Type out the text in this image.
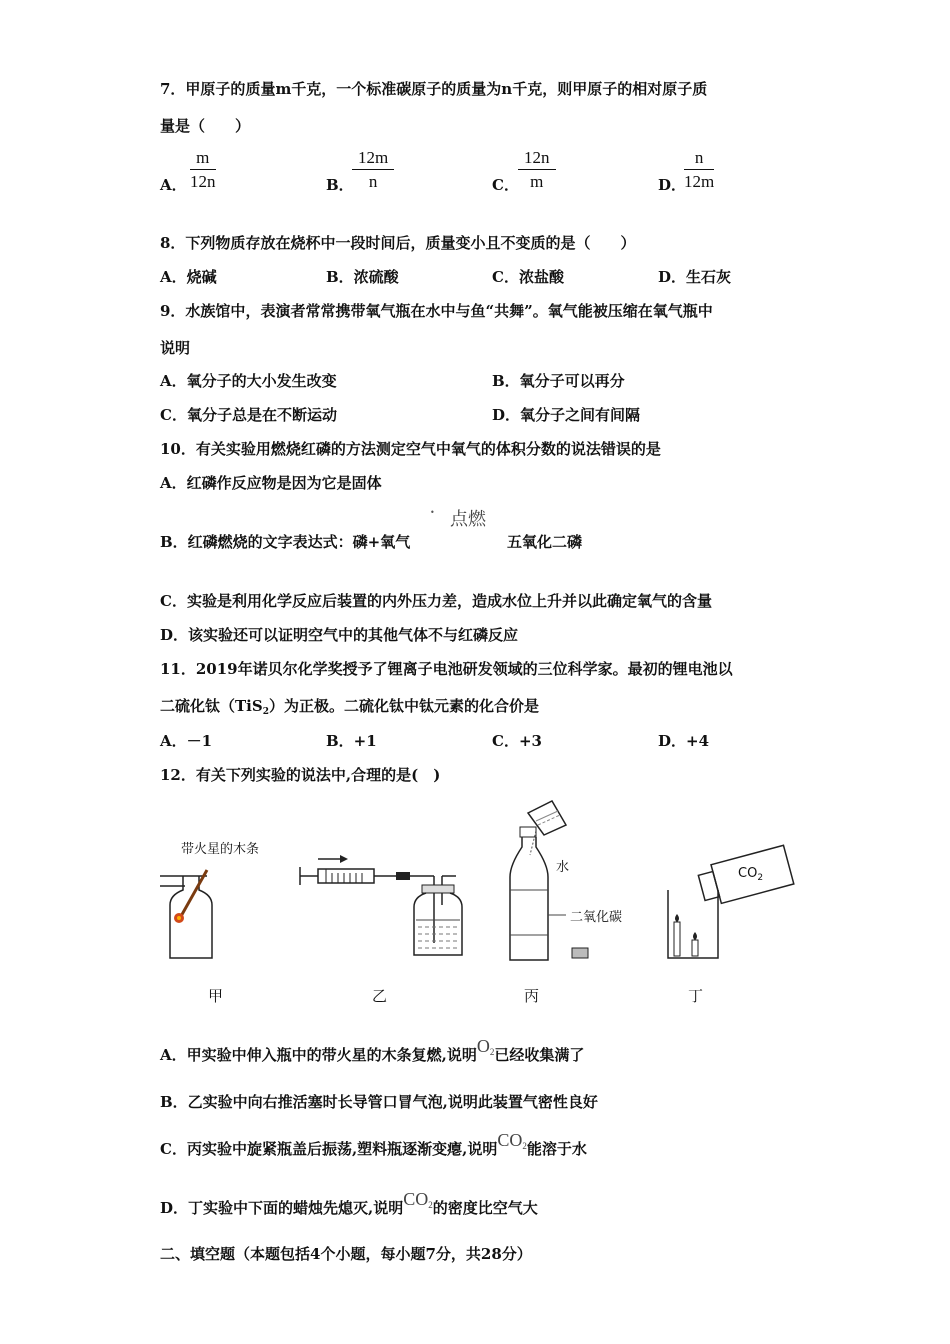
7．甲原子的质量m千克，一个标准碳原子的质量为n千克，则甲原子的相对原子质
量是（　　）
A． $\frac{m}{12n}$	B．
$\frac{12m}{n}$	C． $\frac{12n}{m}$	D．
$\frac{n}{12m}$
8．下列物质存放在烧杯中一段时间后，质量变小且不变质的是（　　）
A．烧碱	B．浓硫酸	C．浓盐酸	D．生石灰
9．水族馆中，表演者常常携带氧气瓶在水中与鱼“共舞”。氧气能被压缩在氧气瓶中
说明
A．氧分子的大小发生改变	B．氧分子可以再分
C．氧分子总是在不断运动	D．氧分子之间有间隔
10．有关实验用燃烧红磷的方法测定空气中氧气的体积分数的说法错误的是
A．红磷作反应物是因为它是固体
• 点燃
B．红磷燃烧的文字表达式：磷+氧气	五氧化二磷
C．实验是利用化学反应后装置的内外压力差，造成水位上升并以此确定氧气的含量
D．该实验还可以证明空气中的其他气体不与红磷反应
11．2019年诺贝尔化学奖授予了锂离子电池研发领域的三位科学家。最初的锂电池以
二硫化钛（TiS$_2$）为正极。二硫化钛中钛元素的化合价是
A．－1	B．+1	C．+3	D．+4
12．有关下列实验的说法中,合理的是(　)
带火星的木条
甲	乙
水
二氧化碳
丙
$CO_2$
丁
A．甲实验中伸入瓶中的带火星的木条复燃,说明$O_2$已经收集满了
B．乙实验中向右推活塞时长导管口冒气泡,说明此装置气密性良好
C．丙实验中旋紧瓶盖后振荡,塑料瓶逐渐变瘪,说明$CO_2$能溶于水
D．丁实验中下面的蜡烛先熄灭,说明$CO_2$的密度比空气大
二、填空题（本题包括4个小题，每小题7分，共28分）
